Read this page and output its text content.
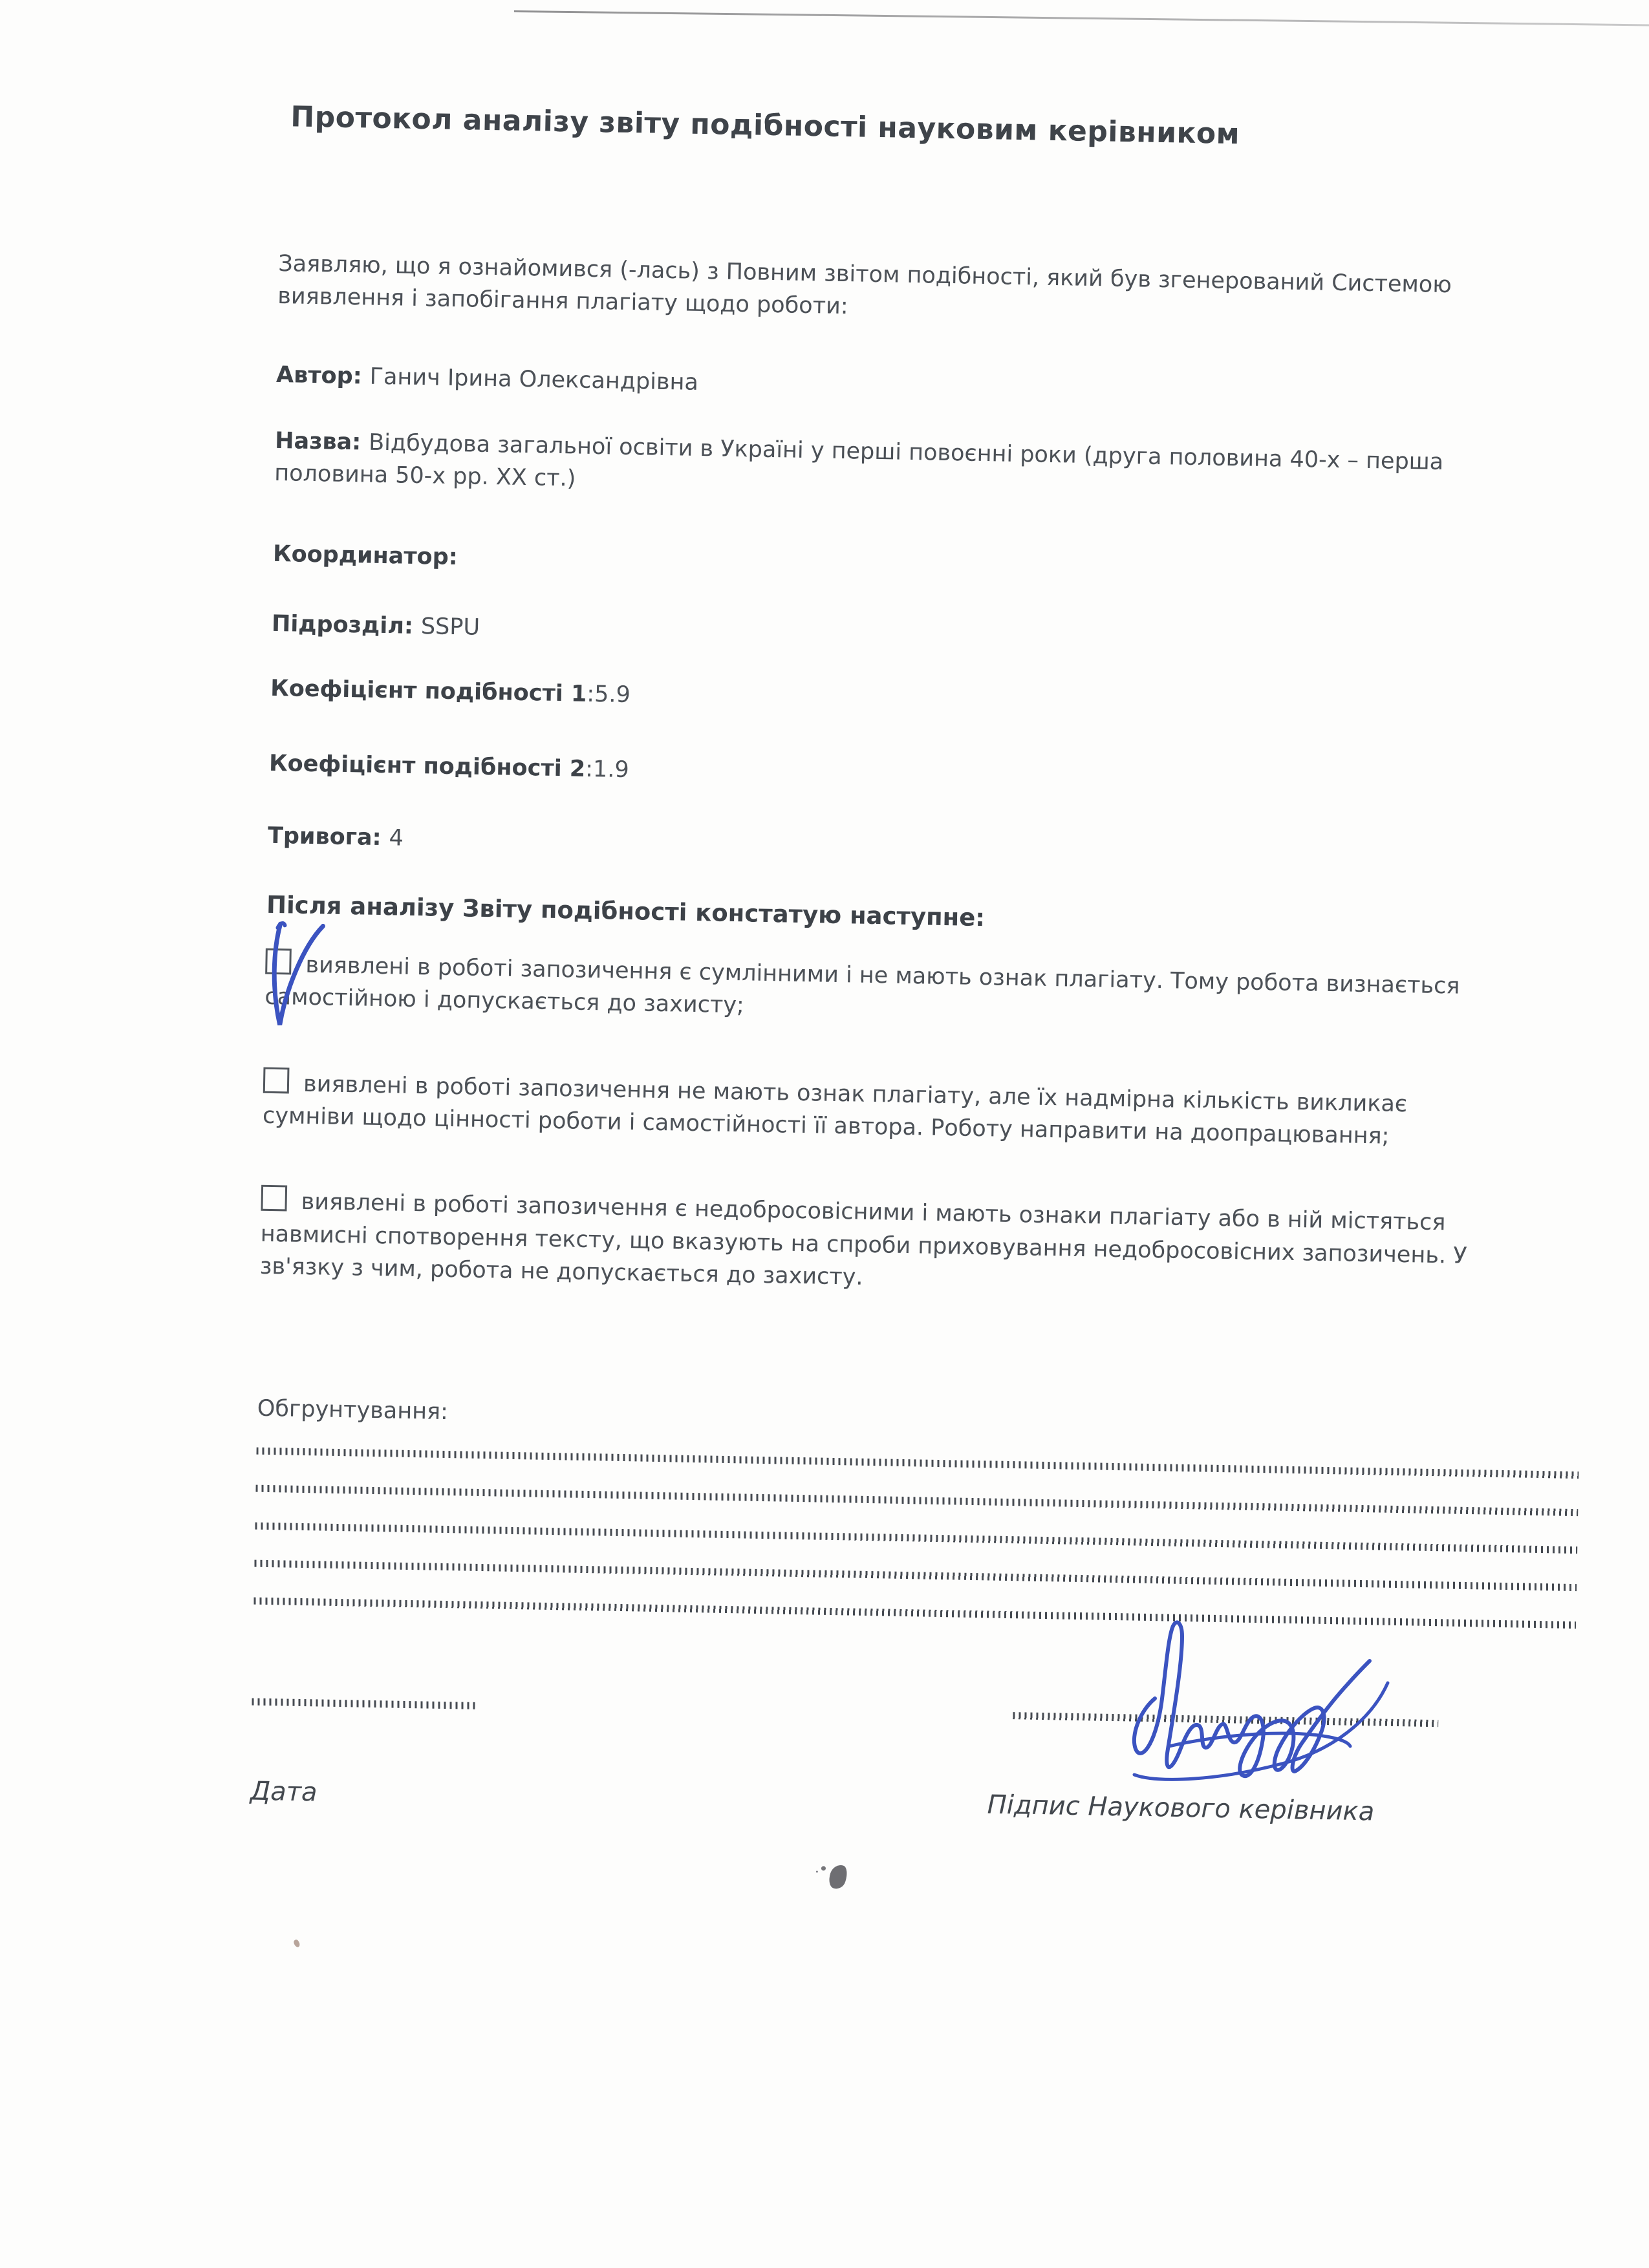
Протокол аналізу звіту подібності науковим керівником

Заявляю, що я ознайомився (-лась) з Повним звітом подібності, який був згенерований Системою виявлення і запобігання плагіату щодо роботи:

Автор: Ганич Ірина Олександрівна

Назва: Відбудова загальної освіти в Україні у перші повоєнні роки (друга половина 40-х – перша половина 50-х рр. ХХ ст.)

Координатор:

Підрозділ: SSPU

Коефіцієнт подібності 1:5.9

Коефіцієнт подібності 2:1.9

Тривога: 4

Після аналізу Звіту подібності констатую наступне:

виявлені в роботі запозичення є сумлінними і не мають ознак плагіату. Тому робота визнається самостійною і допускається до захисту;

виявлені в роботі запозичення не мають ознак плагіату, але їх надмірна кількість викликає сумніви щодо цінності роботи і самостійності її автора. Роботу направити на доопрацювання;

виявлені в роботі запозичення є недобросовісними і мають ознаки плагіату або в ній містяться навмисні спотворення тексту, що вказують на спроби приховування недобросовісних запозичень. У зв'язку з чим, робота не допускається до захисту.

Обгрунтування:

Дата	Підпис Наукового керівника
